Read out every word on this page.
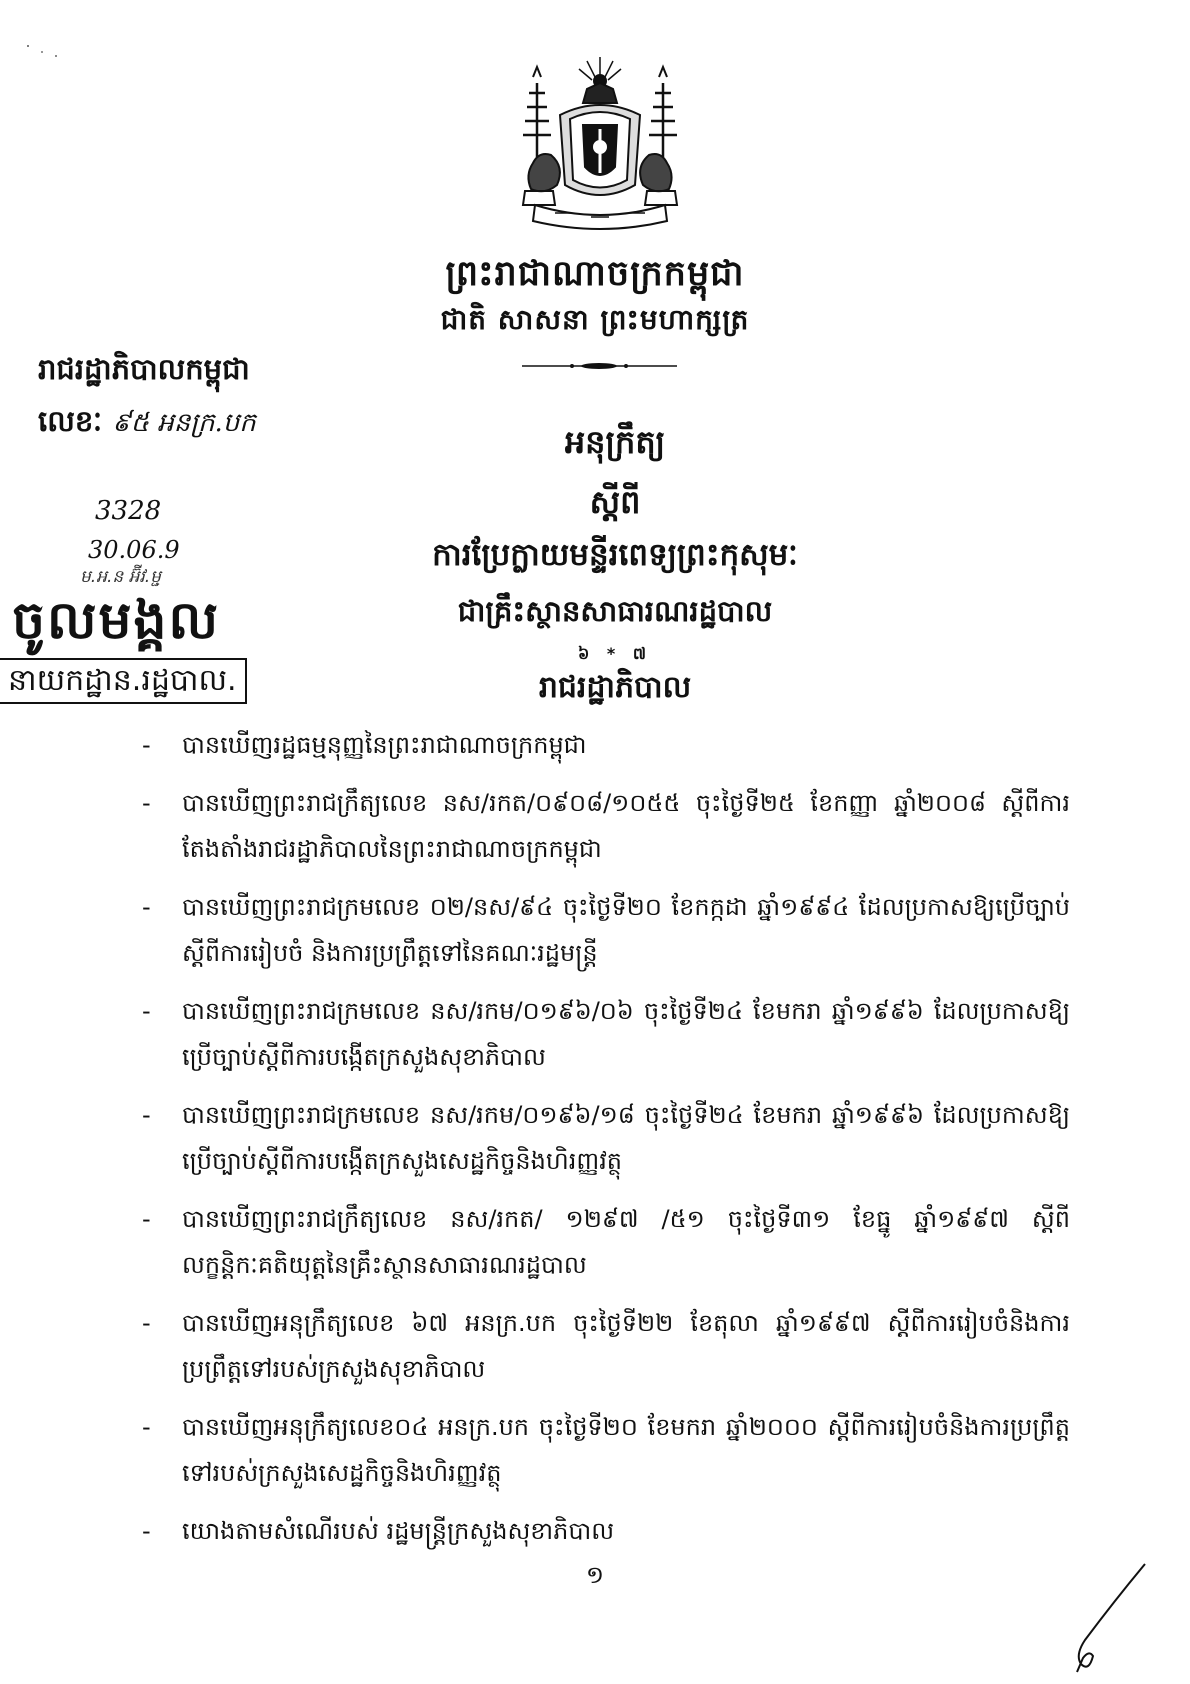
ព្រះរាជាណាចក្រកម្ពុជា
ជាតិ សាសនា ព្រះមហាក្សត្រ
រាជរដ្ឋាភិបាលកម្ពុជា
លេខៈ ៩៥ អនក្រ.បក
3328
30.06.9
ម.អ.ន អ៊ីវ.ម្ជ
ចូលមង្គល
នាយកដ្ឋាន.រដ្ឋបាល.
អនុក្រឹត្យ
ស្តីពី
ការប្រែក្លាយមន្ទីរពេទ្យព្រះកុសុមៈ
ជាគ្រឹះស្ថានសាធារណរដ្ឋបាល
៦ * ៧
រាជរដ្ឋាភិបាល
- បានឃើញរដ្ឋធម្មនុញ្ញនៃព្រះរាជាណាចក្រកម្ពុជា
- បានឃើញព្រះរាជក្រឹត្យលេខ នស/រកត/០៩០៨/១០៥៥ ចុះថ្ងៃទី២៥ ខែកញ្ញា ឆ្នាំ២០០៨ ស្តីពីការតែងតាំងរាជរដ្ឋាភិបាលនៃព្រះរាជាណាចក្រកម្ពុជា
- បានឃើញព្រះរាជក្រមលេខ ០២/នស/៩៤ ចុះថ្ងៃទី២០ ខែកក្កដា ឆ្នាំ១៩៩៤ ដែលប្រកាសឱ្យប្រើច្បាប់ស្តីពីការរៀបចំ និងការប្រព្រឹត្តទៅនៃគណៈរដ្ឋមន្ត្រី
- បានឃើញព្រះរាជក្រមលេខ នស/រកម/០១៩៦/០៦ ចុះថ្ងៃទី២៤ ខែមករា ឆ្នាំ១៩៩៦ ដែលប្រកាសឱ្យប្រើច្បាប់ស្តីពីការបង្កើតក្រសួងសុខាភិបាល
- បានឃើញព្រះរាជក្រមលេខ នស/រកម/០១៩៦/១៨ ចុះថ្ងៃទី២៤ ខែមករា ឆ្នាំ១៩៩៦ ដែលប្រកាសឱ្យប្រើច្បាប់ស្តីពីការបង្កើតក្រសួងសេដ្ឋកិច្ចនិងហិរញ្ញវត្ថុ
- បានឃើញព្រះរាជក្រឹត្យលេខ នស/រកត/ ១២៩៧ /៥១ ចុះថ្ងៃទី៣១ ខែធ្នូ ឆ្នាំ១៩៩៧ ស្តីពីលក្ខន្តិកៈគតិយុត្តនៃគ្រឹះស្ថានសាធារណរដ្ឋបាល
- បានឃើញអនុក្រឹត្យលេខ ៦៧ អនក្រ.បក ចុះថ្ងៃទី២២ ខែតុលា ឆ្នាំ១៩៩៧ ស្តីពីការរៀបចំនិងការប្រព្រឹត្តទៅរបស់ក្រសួងសុខាភិបាល
- បានឃើញអនុក្រឹត្យលេខ០៤ អនក្រ.បក ចុះថ្ងៃទី២០ ខែមករា ឆ្នាំ២០០០ ស្តីពីការរៀបចំនិងការប្រព្រឹត្តទៅរបស់ក្រសួងសេដ្ឋកិច្ចនិងហិរញ្ញវត្ថុ
- យោងតាមសំណើរបស់ រដ្ឋមន្ត្រីក្រសួងសុខាភិបាល
១
